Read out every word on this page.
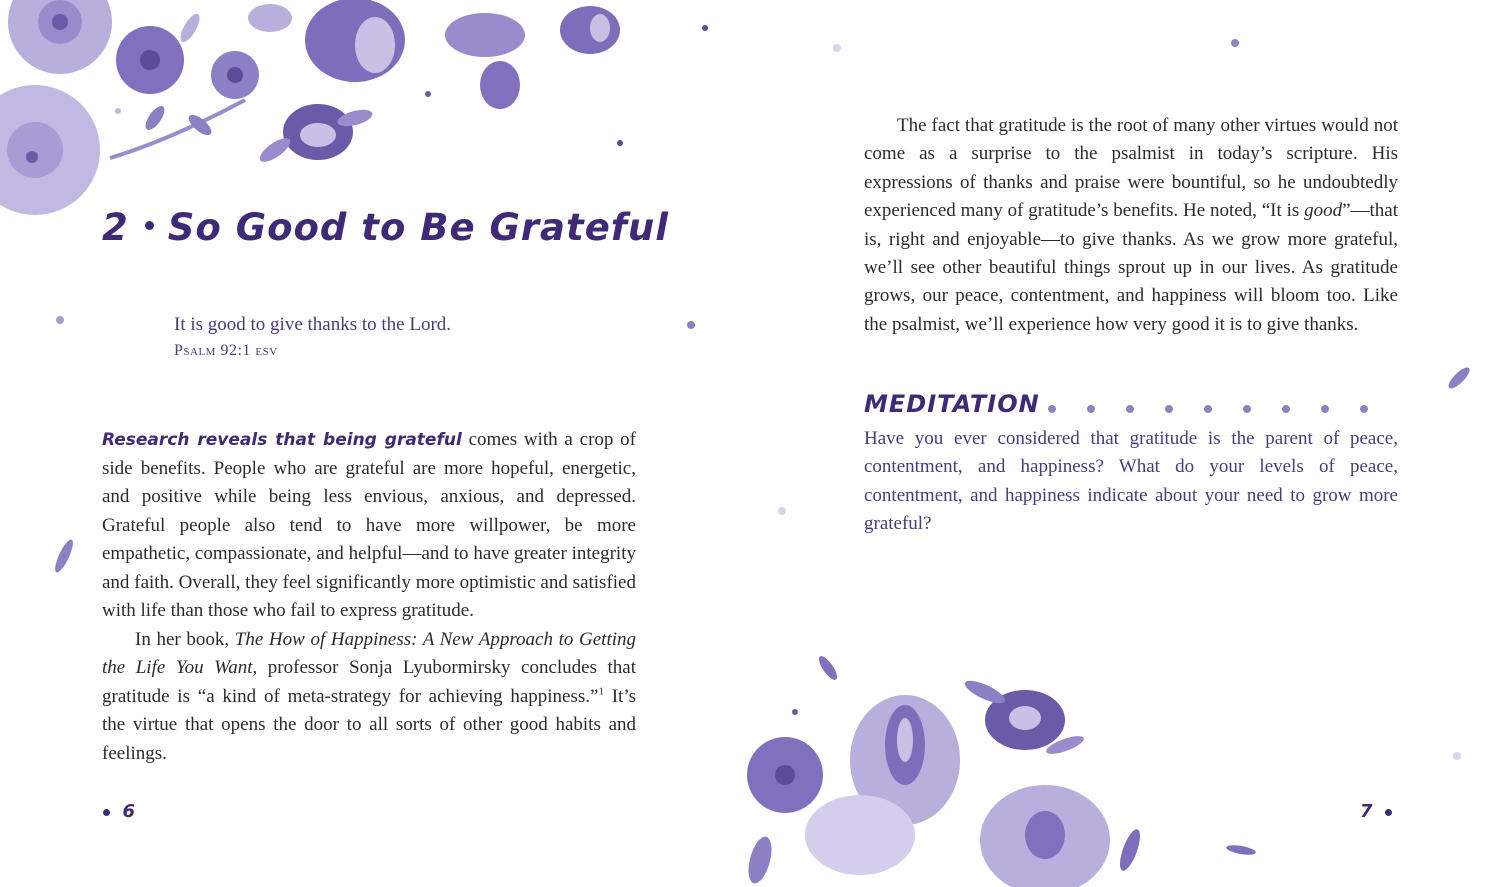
2 So Good to Be Grateful
It is good to give thanks to the Lord.
Psalm 92:1 esv

Research reveals that being grateful comes with a crop of side benefits. People who are grateful are more hopeful, energetic, and positive while being less envious, anxious, and depressed. Grateful people also tend to have more willpower, be more empathetic, compassionate, and helpful—and to have greater integrity and faith. Overall, they feel significantly more optimistic and satisfied with life than those who fail to express gratitude.

In her book, The How of Happiness: A New Approach to Getting the Life You Want, professor Sonja Lyubormirsky concludes that gratitude is “a kind of meta-strategy for achieving happiness.”$^1$ It’s the virtue that opens the door to all sorts of other good habits and feelings.

6

The fact that gratitude is the root of many other virtues would not come as a surprise to the psalmist in today’s scripture. His expressions of thanks and praise were bountiful, so he undoubtedly experienced many of gratitude’s benefits. He noted, “It is good”—that is, right and enjoyable—to give thanks. As we grow more grateful, we’ll see other beautiful things sprout up in our lives. As gratitude grows, our peace, contentment, and happiness will bloom too. Like the psalmist, we’ll experience how very good it is to give thanks.

MEDITATION
Have you ever considered that gratitude is the parent of peace, contentment, and happiness? What do your levels of peace, contentment, and happiness indicate about your need to grow more grateful?
7
